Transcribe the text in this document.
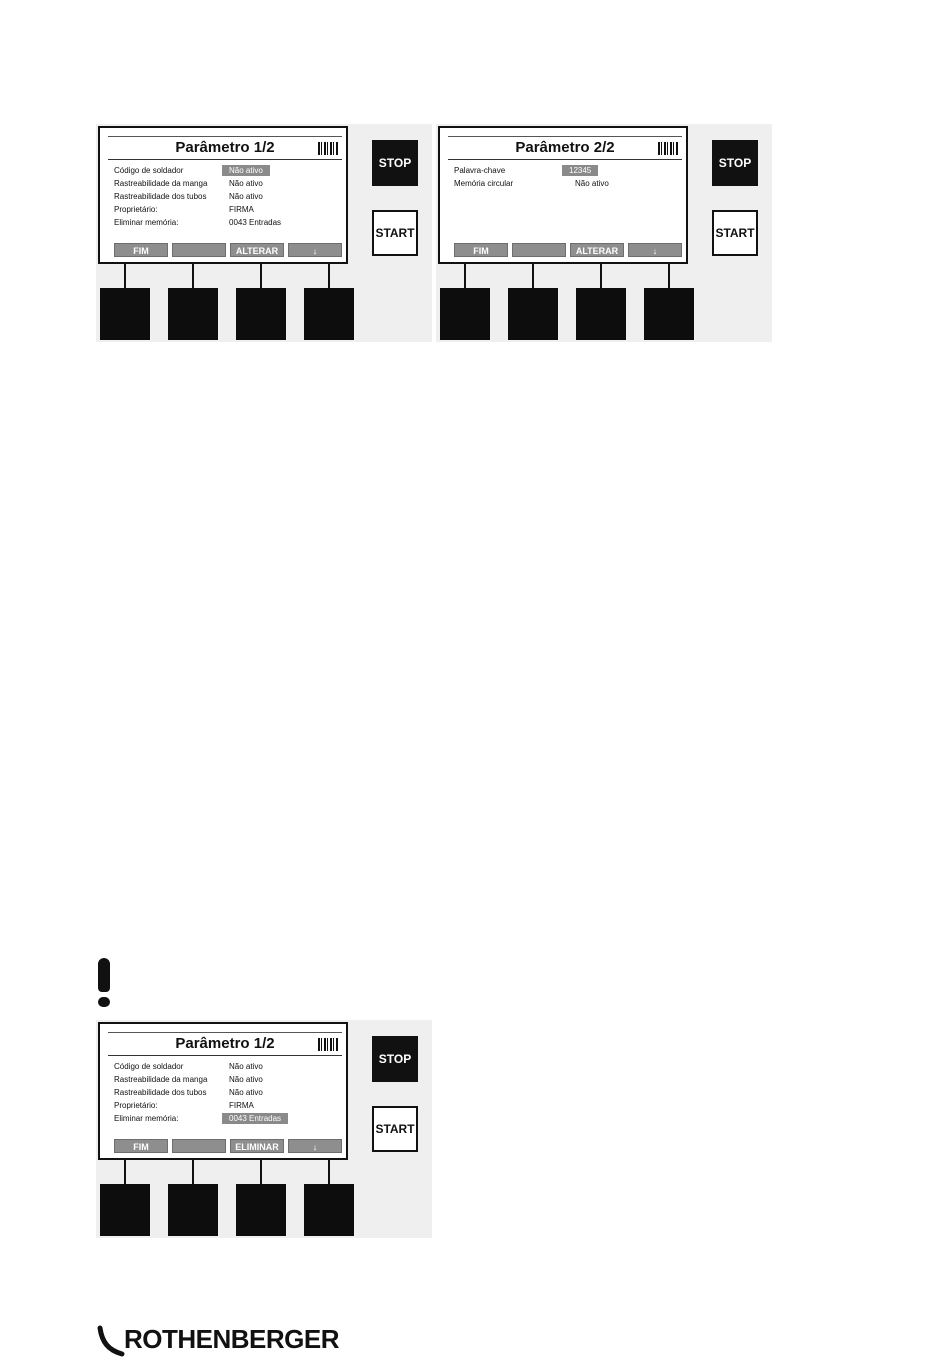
Parâmetro 1/2
Código de soldador	Não ativo
Rastreabilidade da manga	Não ativo
Rastreabilidade dos tubos	Não ativo
Proprietário:	FIRMA
Eliminar memória:	0043 Entradas
FIM	ALTERAR	↓
STOP
START
Parâmetro 2/2
Palavra-chave	12345
Memória circular	Não ativo
FIM	ALTERAR	↓
STOP
START
Parâmetro 1/2
Código de soldador	Não ativo
Rastreabilidade da manga	Não ativo
Rastreabilidade dos tubos	Não ativo
Proprietário:	FIRMA
Eliminar memória:	0043 Entradas
FIM	ELIMINAR	↓
STOP
START
ROTHENBERGER
